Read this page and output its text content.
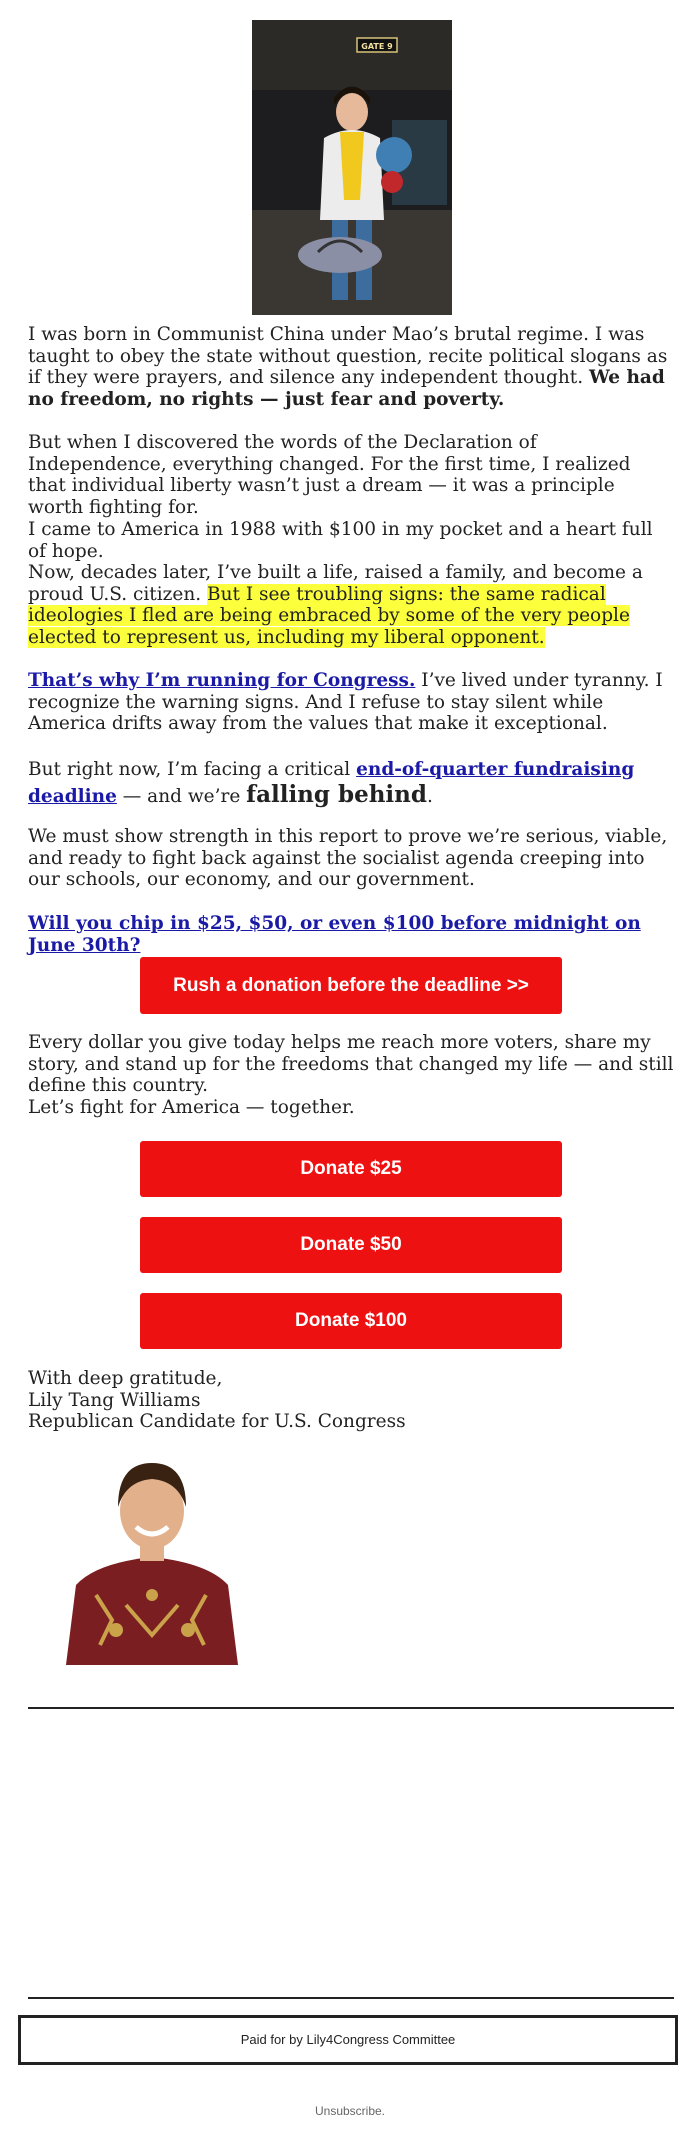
GATE 9

I was born in Communist China under Mao’s brutal regime. I was taught to obey the state without question, recite political slogans as if they were prayers, and silence any independent thought. We had no freedom, no rights — just fear and poverty.

But when I discovered the words of the Declaration of Independence, everything changed. For the first time, I realized that individual liberty wasn’t just a dream — it was a principle worth fighting for.

I came to America in 1988 with $100 in my pocket and a heart full of hope.

Now, decades later, I’ve built a life, raised a family, and become a proud U.S. citizen. But I see troubling signs: the same radical ideologies I fled are being embraced by some of the very people elected to represent us, including my liberal opponent.

That’s why I’m running for Congress. I’ve lived under tyranny. I recognize the warning signs. And I refuse to stay silent while America drifts away from the values that make it exceptional.

But right now, I’m facing a critical end-of-quarter fundraising deadline — and we’re falling behind.

We must show strength in this report to prove we’re serious, viable, and ready to fight back against the socialist agenda creeping into our schools, our economy, and our government.

Will you chip in $25, $50, or even $100 before midnight on June 30th?

Rush a donation before the deadline >>

Every dollar you give today helps me reach more voters, share my story, and stand up for the freedoms that changed my life — and still define this country.

Let’s fight for America — together.

Donate $25
Donate $50
Donate $100

With deep gratitude,
Lily Tang Williams
Republican Candidate for U.S. Congress

Paid for by Lily4Congress Committee
Unsubscribe.
